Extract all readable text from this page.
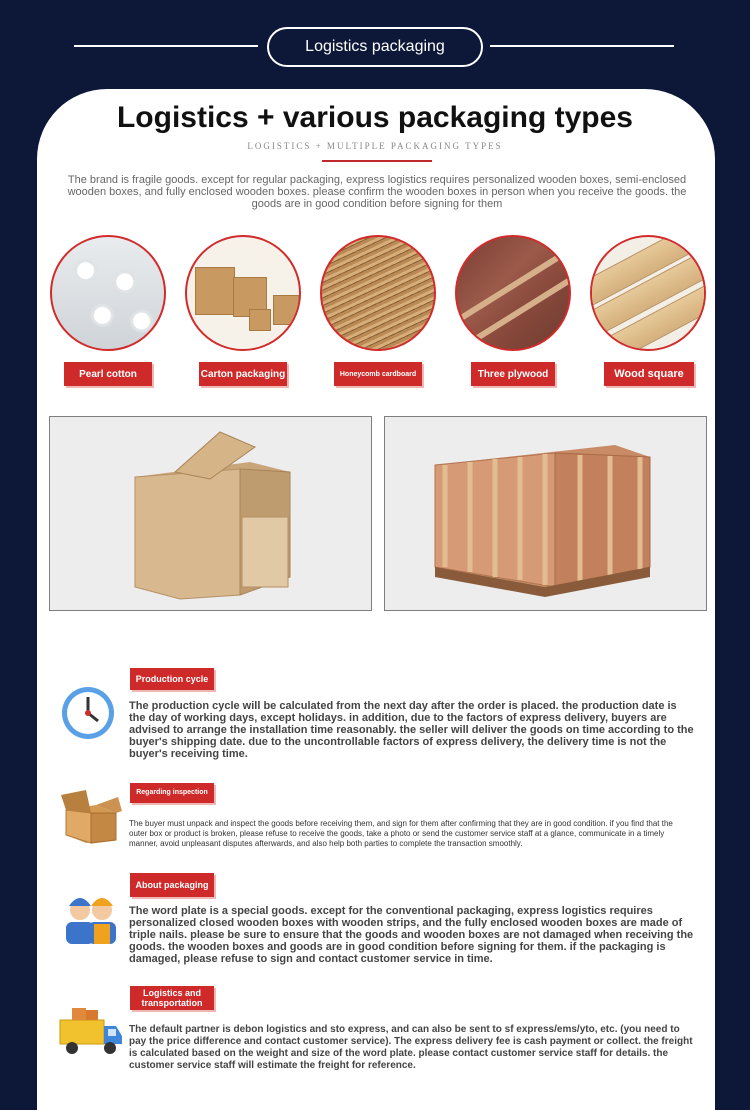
Logistics packaging
Logistics + various packaging types
LOGISTICS + MULTIPLE PACKAGING TYPES
The brand is fragile goods. except for regular packaging, express logistics requires personalized wooden boxes, semi-enclosed wooden boxes, and fully enclosed wooden boxes. please confirm the wooden boxes in person when you receive the goods. the goods are in good condition before signing for them
Pearl cotton	Carton packaging	Honeycomb cardboard	Three plywood	Wood square
Production cycle
The production cycle will be calculated from the next day after the order is placed. the production date is the day of working days, except holidays. in addition, due to the factors of express delivery, buyers are advised to arrange the installation time reasonably. the seller will deliver the goods on time according to the buyer's shipping date. due to the uncontrollable factors of express delivery, the delivery time is not the buyer's receiving time.
Regarding inspection
The buyer must unpack and inspect the goods before receiving them, and sign for them after confirming that they are in good condition. if you find that the outer box or product is broken, please refuse to receive the goods, take a photo or send the customer service staff at a glance, communicate in a timely manner, avoid unpleasant disputes afterwards, and also help both parties to complete the transaction smoothly.
About packaging
The word plate is a special goods. except for the conventional packaging, express logistics requires personalized closed wooden boxes with wooden strips, and the fully enclosed wooden boxes are made of triple nails. please be sure to ensure that the goods and wooden boxes are not damaged when receiving the goods. the wooden boxes and goods are in good condition before signing for them. if the packaging is damaged, please refuse to sign and contact customer service in time.
Logistics and transportation
The default partner is debon logistics and sto express, and can also be sent to sf express/ems/yto, etc. (you need to pay the price difference and contact customer service). The express delivery fee is cash payment or collect. the freight is calculated based on the weight and size of the word plate. please contact customer service staff for details. the customer service staff will estimate the freight for reference.
